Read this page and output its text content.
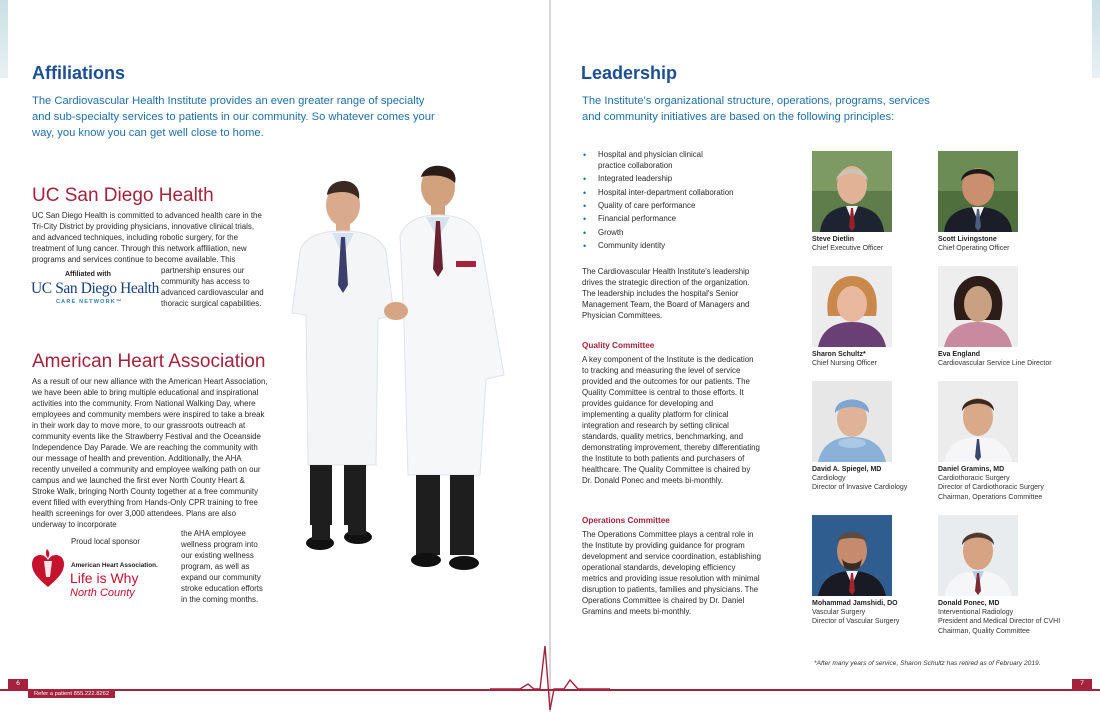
Affiliations
The Cardiovascular Health Institute provides an even greater range of specialty and sub-specialty services to patients in our community. So whatever comes your way, you know you can get well close to home.
UC San Diego Health
UC San Diego Health is committed to advanced health care in the Tri-City District by providing physicians, innovative clinical trials, and advanced techniques, including robotic surgery, for the treatment of lung cancer. Through this network affiliation, new programs and services continue to become available. This
partnership ensures our community has access to advanced cardiovascular and thoracic surgical capabilities.
Affiliated with
UC San Diego Health
CARE NETWORK™
American Heart Association
As a result of our new alliance with the American Heart Association, we have been able to bring multiple educational and inspirational activities into the community. From National Walking Day, where employees and community members were inspired to take a break in their work day to move more, to our grassroots outreach at community events like the Strawberry Festival and the Oceanside Independence Day Parade. We are reaching the community with our message of health and prevention. Additionally, the AHA recently unveiled a community and employee walking path on our campus and we launched the first ever North County Heart & Stroke Walk, bringing North County together at a free community event filled with everything from Hands-Only CPR training to free health screenings for over 3,000 attendees. Plans are also underway to incorporate
the AHA employee wellness program into our existing wellness program, as well as expand our community stroke education efforts in the coming months.
Proud local sponsor
American Heart Association.
Life is Why
North County
6
Refer a patient 855.222.8262
Leadership
The Institute's organizational structure, operations, programs, services and community initiatives are based on the following principles:
• Hospital and physician clinical practice collaboration
• Integrated leadership
• Hospital inter-department collaboration
• Quality of care performance
• Financial performance
• Growth
• Community identity
The Cardiovascular Health Institute's leadership drives the strategic direction of the organization. The leadership includes the hospital's Senior Management Team, the Board of Managers and Physician Committees.
Quality Committee
A key component of the Institute is the dedication to tracking and measuring the level of service provided and the outcomes for our patients. The Quality Committee is central to those efforts. It provides guidance for developing and implementing a quality platform for clinical integration and research by setting clinical standards, quality metrics, benchmarking, and demonstrating improvement, thereby differentiating the Institute to both patients and purchasers of healthcare. The Quality Committee is chaired by Dr. Donald Ponec and meets bi-monthly.
Operations Committee
The Operations Committee plays a central role in the Institute by providing guidance for program development and service coordination, establishing operational standards, developing efficiency metrics and providing issue resolution with minimal disruption to patients, families and physicians. The Operations Committee is chaired by Dr. Daniel Gramins and meets bi-monthly.
Steve Dietlin
Chief Executive Officer
Scott Livingstone
Chief Operating Officer
Sharon Schultz*
Chief Nursing Officer
Eva England
Cardiovascular Service Line Director
David A. Spiegel, MD
Cardiology
Director of Invasive Cardiology
Daniel Gramins, MD
Cardiothoracic Surgery
Director of Cardiothoracic Surgery
Chairman, Operations Committee
Mohammad Jamshidi, DO
Vascular Surgery
Director of Vascular Surgery
Donald Ponec, MD
Interventional Radiology
President and Medical Director of CVHI
Chairman, Quality Committee
*After many years of service, Sharon Schultz has retired as of February 2019.
7
